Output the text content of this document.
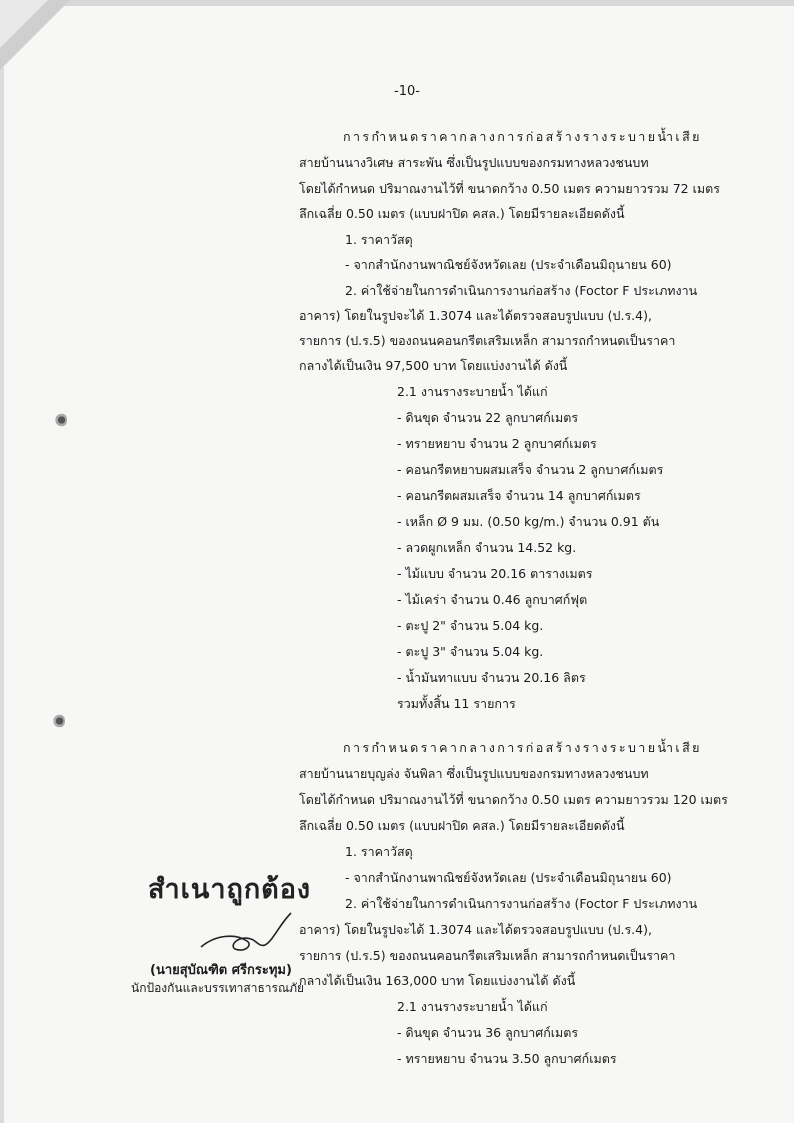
-10-
การกำหนดราคากลางการก่อสร้างรางระบายน้ำเสีย
สายบ้านนางวิเศษ สาระพัน ซึ่งเป็นรูปแบบของกรมทางหลวงชนบท
โดยได้กำหนด ปริมาณงานไว้ที่ ขนาดกว้าง 0.50 เมตร ความยาวรวม 72 เมตร
ลึกเฉลี่ย 0.50 เมตร (แบบฝาปิด คสล.) โดยมีรายละเอียดดังนี้
1. ราคาวัสดุ
- จากสำนักงานพาณิชย์จังหวัดเลย (ประจำเดือนมิถุนายน 60)
2. ค่าใช้จ่ายในการดำเนินการงานก่อสร้าง (Foctor F ประเภทงาน
อาคาร) โดยในรูปจะได้ 1.3074 และได้ตรวจสอบรูปแบบ (ป.ร.4),
รายการ (ป.ร.5) ของถนนคอนกรีตเสริมเหล็ก สามารถกำหนดเป็นราคา
กลางได้เป็นเงิน 97,500 บาท โดยแบ่งงานได้ ดังนี้
2.1 งานรางระบายน้ำ ได้แก่
- ดินขุด จำนวน 22 ลูกบาศก์เมตร
- ทรายหยาบ จำนวน 2 ลูกบาศก์เมตร
- คอนกรีตหยาบผสมเสร็จ จำนวน 2 ลูกบาศก์เมตร
- คอนกรีตผสมเสร็จ จำนวน 14 ลูกบาศก์เมตร
- เหล็ก Ø 9 มม. (0.50 kg/m.) จำนวน 0.91 ตัน
- ลวดผูกเหล็ก จำนวน 14.52 kg.
- ไม้แบบ จำนวน 20.16 ตารางเมตร
- ไม้เคร่า จำนวน 0.46 ลูกบาศก์ฟุต
- ตะปู 2" จำนวน 5.04 kg.
- ตะปู 3" จำนวน 5.04 kg.
- น้ำมันทาแบบ จำนวน 20.16 ลิตร
รวมทั้งสิ้น 11 รายการ
การกำหนดราคากลางการก่อสร้างรางระบายน้ำเสีย
สายบ้านนายบุญล่ง จันพิลา ซึ่งเป็นรูปแบบของกรมทางหลวงชนบท
โดยได้กำหนด ปริมาณงานไว้ที่ ขนาดกว้าง 0.50 เมตร ความยาวรวม 120 เมตร
ลึกเฉลี่ย 0.50 เมตร (แบบฝาปิด คสล.) โดยมีรายละเอียดดังนี้
1. ราคาวัสดุ
- จากสำนักงานพาณิชย์จังหวัดเลย (ประจำเดือนมิถุนายน 60)
2. ค่าใช้จ่ายในการดำเนินการงานก่อสร้าง (Foctor F ประเภทงาน
อาคาร) โดยในรูปจะได้ 1.3074 และได้ตรวจสอบรูปแบบ (ป.ร.4),
รายการ (ป.ร.5) ของถนนคอนกรีตเสริมเหล็ก สามารถกำหนดเป็นราคา
กลางได้เป็นเงิน 163,000 บาท โดยแบ่งงานได้ ดังนี้
2.1 งานรางระบายน้ำ ได้แก่
- ดินขุด จำนวน 36 ลูกบาศก์เมตร
- ทรายหยาบ จำนวน 3.50 ลูกบาศก์เมตร
สำเนาถูกต้อง
(นายสุบัณฑิต ศรีกระทุม)
นักป้องกันและบรรเทาสาธารณภัย
